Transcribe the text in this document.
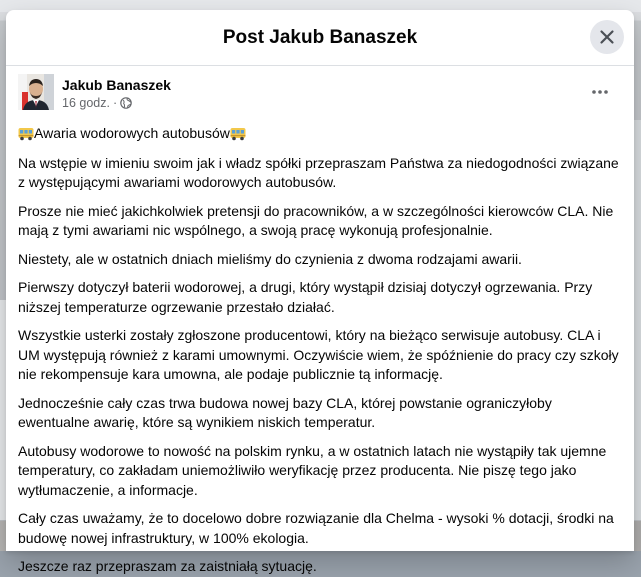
Post Jakub Banaszek
Jakub Banaszek
16 godz. ·
Awaria wodorowych autobusów

Na wstępie w imieniu swoim jak i władz spółki przepraszam Państwa za niedogodności związane z występującymi awariami wodorowych autobusów.

Prosze nie mieć jakichkolwiek pretensji do pracowników, a w szczególności kierowców CLA. Nie mają z tymi awariami nic wspólnego, a swoją pracę wykonują profesjonalnie.

Niestety, ale w ostatnich dniach mieliśmy do czynienia z dwoma rodzajami awarii.

Pierwszy dotyczył baterii wodorowej, a drugi, który wystąpił dzisiaj dotyczył ogrzewania. Przy niższej temperaturze ogrzewanie przestało działać.

Wszystkie usterki zostały zgłoszone producentowi, który na bieżąco serwisuje autobusy. CLA i UM występują również z karami umownymi. Oczywiście wiem, że spóźnienie do pracy czy szkoły nie rekompensuje kara umowna, ale podaje publicznie tą informację.

Jednocześnie cały czas trwa budowa nowej bazy CLA, której powstanie ograniczyłoby ewentualne awarię, które są wynikiem niskich temperatur.

Autobusy wodorowe to nowość na polskim rynku, a w ostatnich latach nie wystąpiły tak ujemne temperatury, co zakładam uniemożliwiło weryfikację przez producenta. Nie piszę tego jako wytłumaczenie, a informacje.

Cały czas uważamy, że to docelowo dobre rozwiązanie dla Chelma - wysoki % dotacji, środki na budowę nowej infrastruktury, w 100% ekologia.

Jeszcze raz przepraszam za zaistniałą sytuację.
